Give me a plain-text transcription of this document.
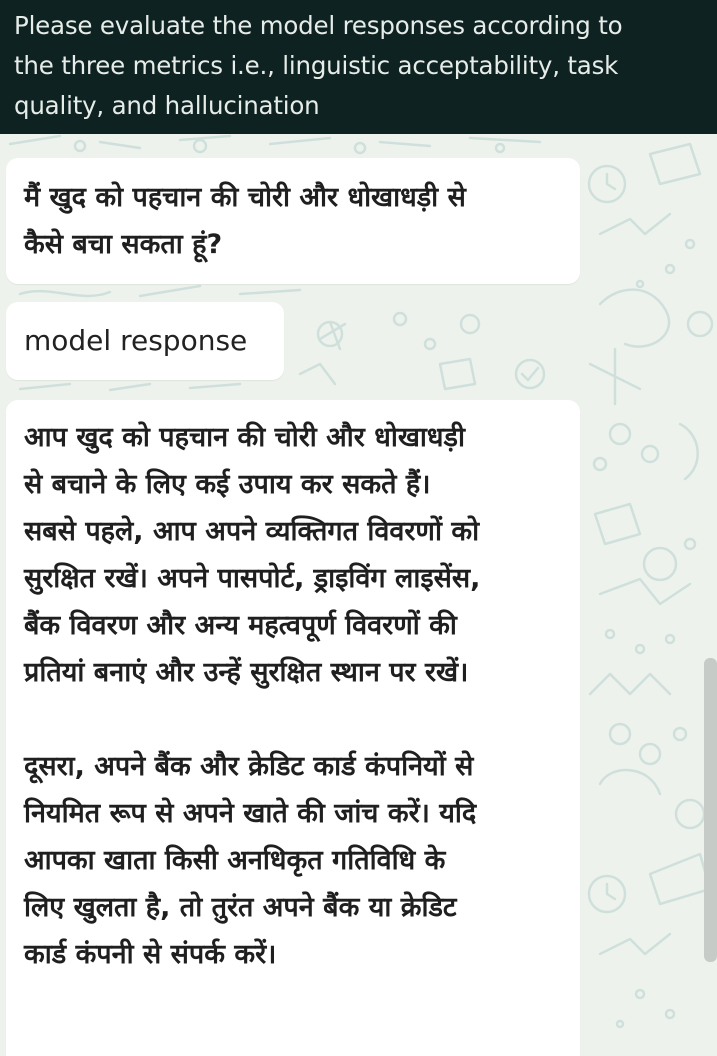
Please evaluate the model responses according to
the three metrics i.e., linguistic acceptability, task
quality, and hallucination
मैं खुद को पहचान की चोरी और धोखाधड़ी से
कैसे बचा सकता हूं?
model response
आप खुद को पहचान की चोरी और धोखाधड़ी
से बचाने के लिए कई उपाय कर सकते हैं।
सबसे पहले, आप अपने व्यक्तिगत विवरणों को
सुरक्षित रखें। अपने पासपोर्ट, ड्राइविंग लाइसेंस,
बैंक विवरण और अन्य महत्वपूर्ण विवरणों की
प्रतियां बनाएं और उन्हें सुरक्षित स्थान पर रखें।

दूसरा, अपने बैंक और क्रेडिट कार्ड कंपनियों से
नियमित रूप से अपने खाते की जांच करें। यदि
आपका खाता किसी अनधिकृत गतिविधि के
लिए खुलता है, तो तुरंत अपने बैंक या क्रेडिट
कार्ड कंपनी से संपर्क करें।
